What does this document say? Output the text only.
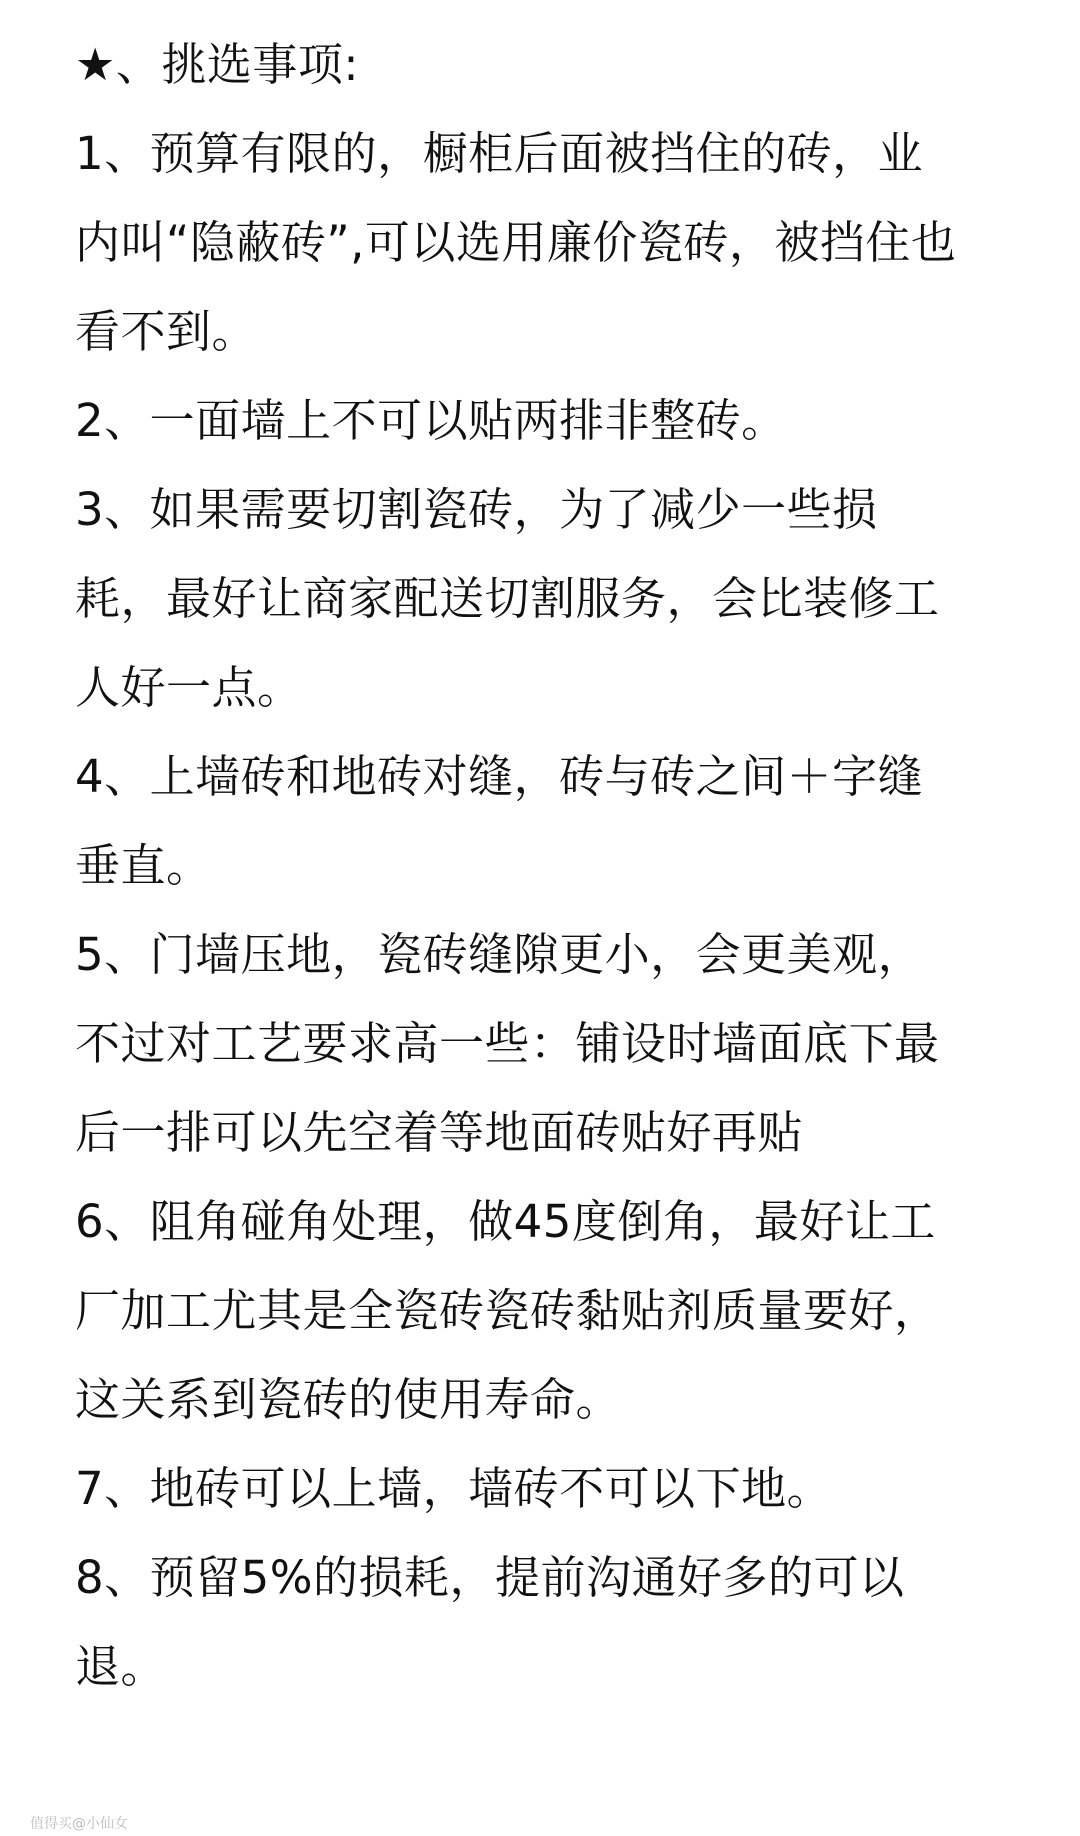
★、挑选事项:
1、预算有限的，橱柜后面被挡住的砖，业
内叫“隐蔽砖”,可以选用廉价瓷砖，被挡住也
看不到。
2、一面墙上不可以贴两排非整砖。
3、如果需要切割瓷砖，为了减少一些损
耗，最好让商家配送切割服务，会比装修工
人好一点。
4、上墙砖和地砖对缝，砖与砖之间＋字缝
垂直。
5、门墙压地，瓷砖缝隙更小，会更美观，
不过对工艺要求高一些：铺设时墙面底下最
后一排可以先空着等地面砖贴好再贴
6、阻角碰角处理，做45度倒角，最好让工
厂加工尤其是全瓷砖瓷砖黏贴剂质量要好，
这关系到瓷砖的使用寿命。
7、地砖可以上墙，墙砖不可以下地。
8、预留5%的损耗，提前沟通好多的可以
退。
值得买@小仙女
